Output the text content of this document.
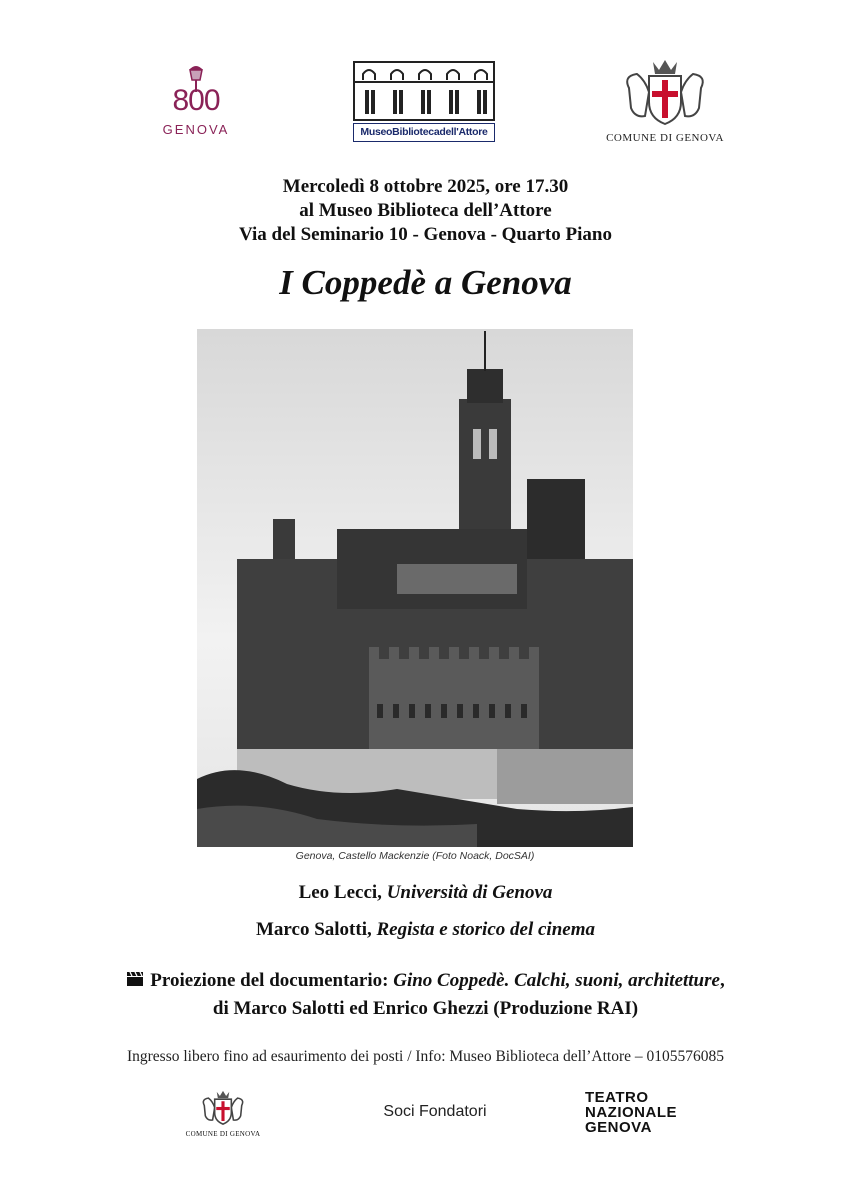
800
GENOVA	MuseoBibliotecadell'Attore	COMUNE DI GENOVA
Mercoledì 8 ottobre 2025, ore 17.30
al Museo Biblioteca dell’Attore
Via del Seminario 10 - Genova - Quarto Piano
I Coppedè a Genova
Genova, Castello Mackenzie (Foto Noack, DocSAI)
Leo Lecci, Università di Genova
Marco Salotti, Regista e storico del cinema
Proiezione del documentario: Gino Coppedè. Calchi, suoni, architetture,
di Marco Salotti ed Enrico Ghezzi (Produzione RAI)
Ingresso libero fino ad esaurimento dei posti / Info: Museo Biblioteca dell’Attore – 0105576085
COMUNE DI GENOVA
Soci Fondatori
TEATRO
NAZIONALE
GENOVA
